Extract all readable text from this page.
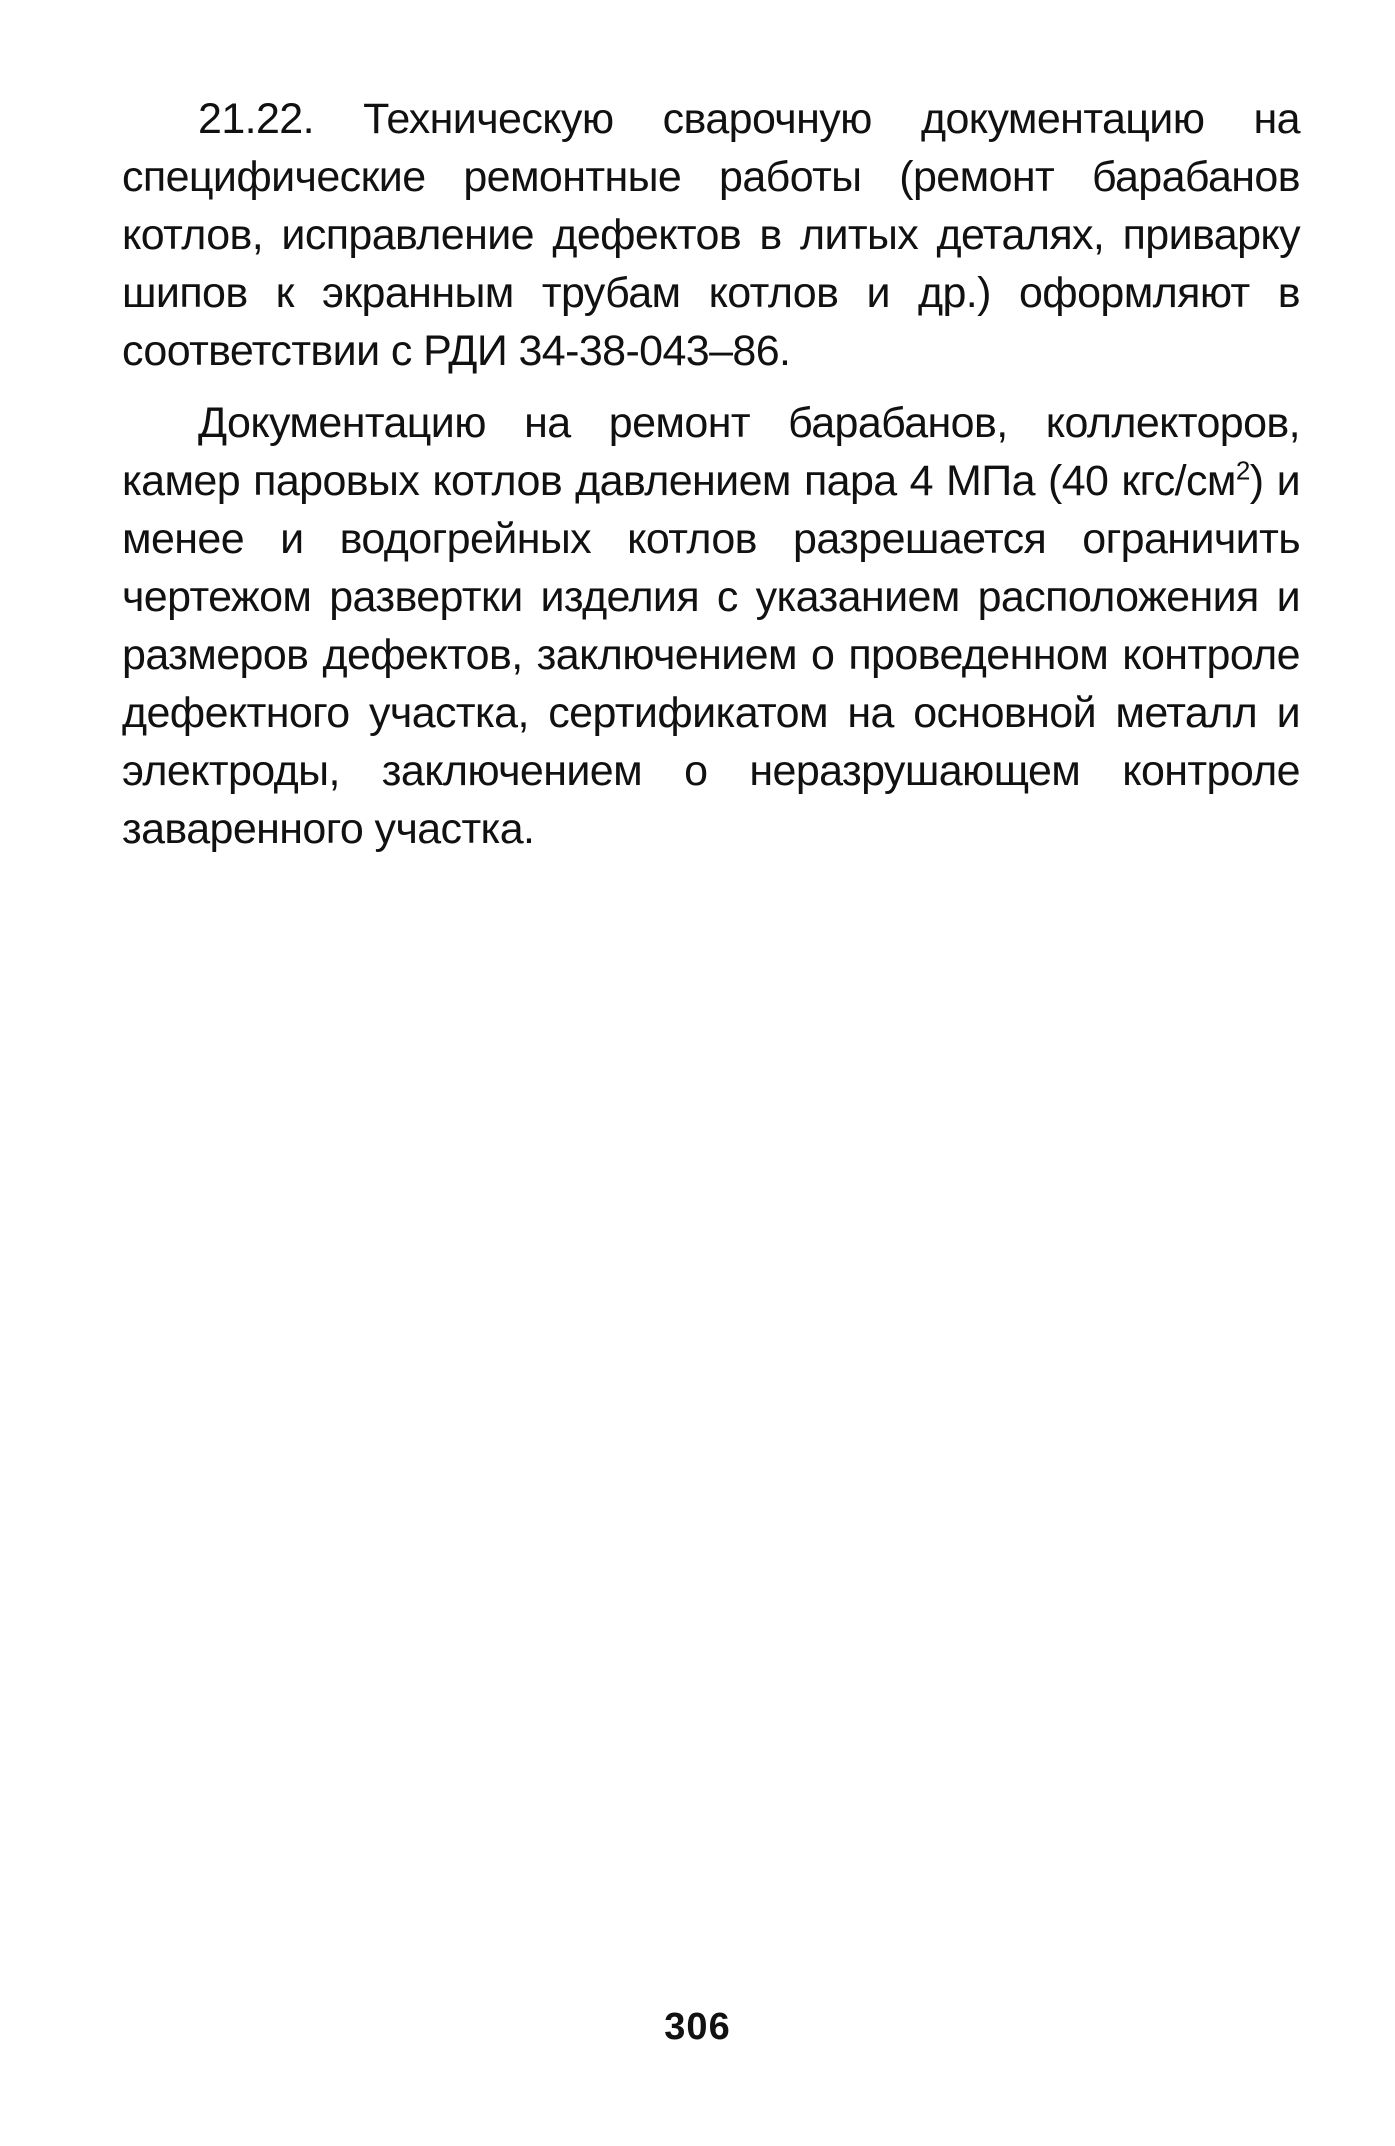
21.22. Техническую сварочную документацию на специфические ремонтные работы (ремонт барабанов котлов, исправление дефектов в литых деталях, приварку шипов к экранным трубам котлов и др.) оформляют в соответствии с РДИ 34-38-043–86.

Документацию на ремонт барабанов, коллекторов, камер паровых котлов давлением пара 4 МПа (40 кгс/$см^2$) и менее и водогрейных котлов разрешается ограничить чертежом развертки изделия с указанием расположения и размеров дефектов, заключением о проведенном контроле дефектного участка, сертификатом на основной металл и электроды, заключением о неразрушающем контроле заваренного участка.

306
